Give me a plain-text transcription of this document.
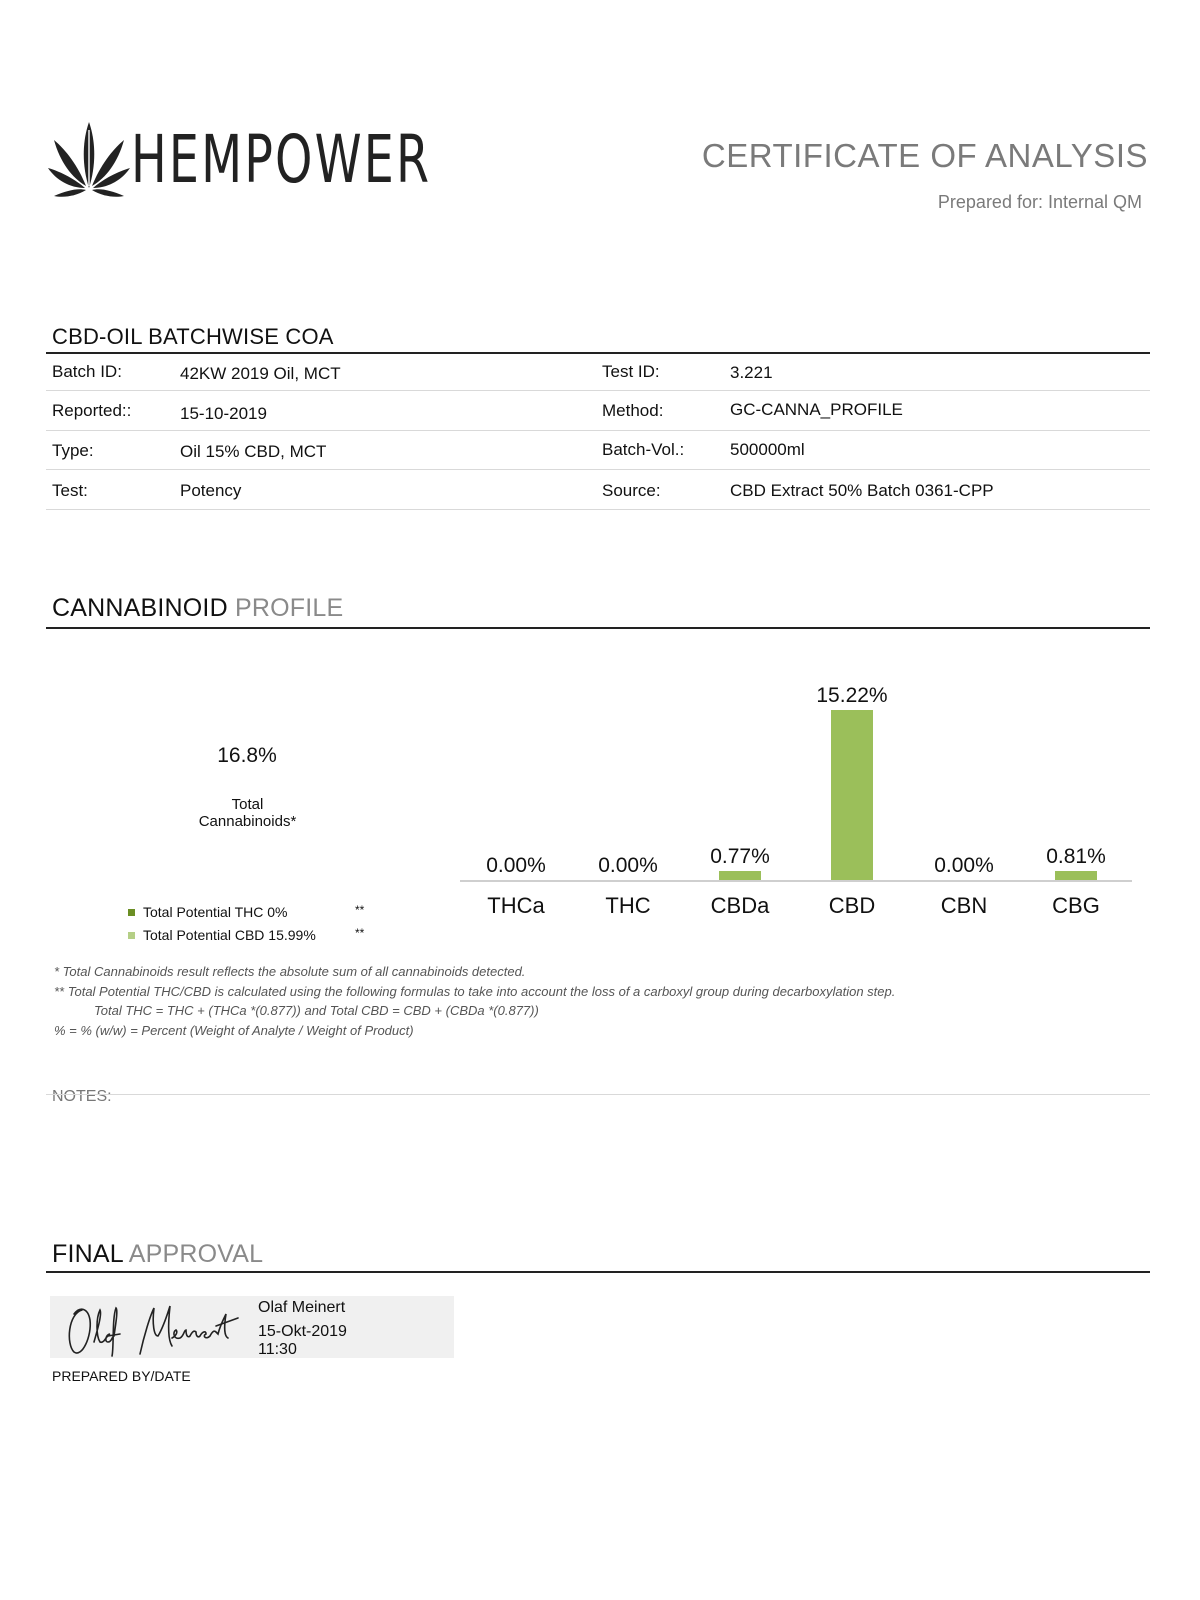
HEMPOWER	CERTIFICATE OF ANALYSIS
Prepared for: Internal QM
CBD-OIL BATCHWISE COA
Batch ID:	42KW 2019 Oil, MCT	Test ID:	3.221
Reported::	15-10-2019	Method:	GC-CANNA_PROFILE
Type:	Oil 15% CBD, MCT	Batch-Vol.:	500000ml
Test:	Potency	Source:	CBD Extract 50% Batch 0361-CPP
CANNABINOID PROFILE
16.8%
Total
Cannabinoids*
Total Potential THC 0%	**
Total Potential CBD 15.99%	**
0.00%
THCa
0.00%
THC
0.77%
CBDa
15.22%
CBD
0.00%
CBN
0.81%
CBG
* Total Cannabinoids result reflects the absolute sum of all cannabinoids detected.
** Total Potential THC/CBD is calculated using the following formulas to take into account the loss of a carboxyl group during decarboxylation step.
Total THC = THC + (THCa *(0.877)) and Total CBD = CBD + (CBDa *(0.877))
% = % (w/w) = Percent (Weight of Analyte / Weight of Product)
NOTES:
FINAL APPROVAL
Olaf Meinert
15-Okt-2019
11:30
PREPARED BY/DATE
